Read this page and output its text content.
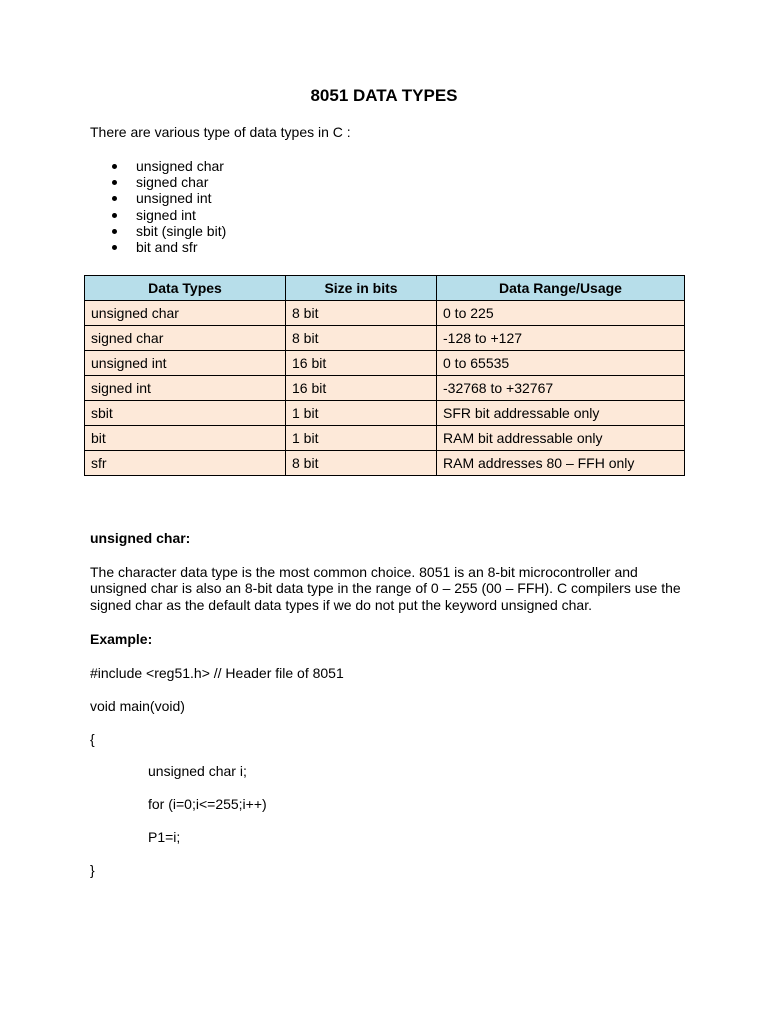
8051 DATA TYPES
There are various type of data types in C :
unsigned char
signed char
unsigned int
signed int
sbit (single bit)
bit and sfr
Data Types	Size in bits	Data Range/Usage
unsigned char	8 bit	0 to 225
signed char	8 bit	-128 to +127
unsigned int	16 bit	0 to 65535
signed int	16 bit	-32768 to +32767
sbit	1 bit	SFR bit addressable only
bit	1 bit	RAM bit addressable only
sfr	8 bit	RAM addresses 80 – FFH only
unsigned char:
The character data type is the most common choice. 8051 is an 8-bit microcontroller and
unsigned char is also an 8-bit data type in the range of 0 – 255 (00 – FFH). C compilers use the
signed char as the default data types if we do not put the keyword unsigned char.
Example:
#include <reg51.h> // Header file of 8051
void main(void)
{
unsigned char i;
for (i=0;i<=255;i++)
P1=i;
}
